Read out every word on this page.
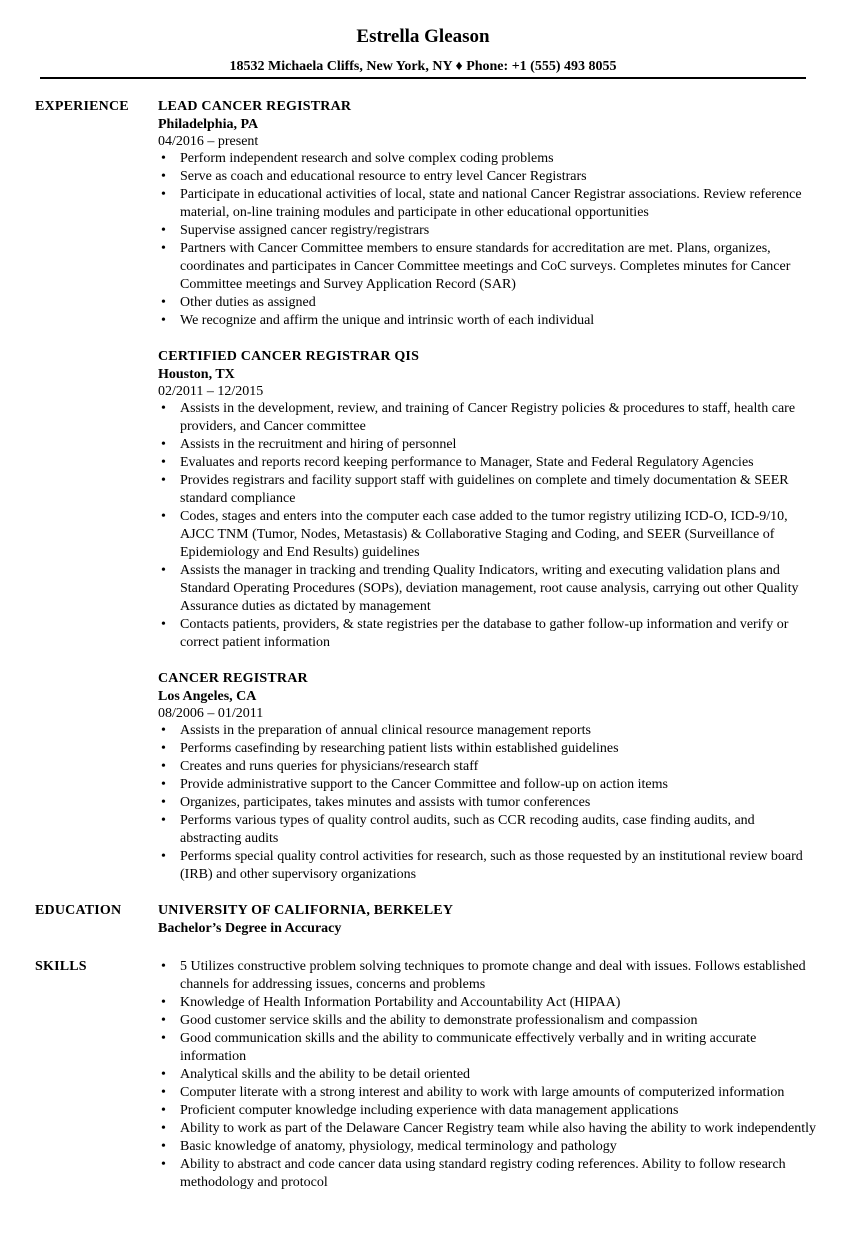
Estrella Gleason
18532 Michaela Cliffs, New York, NY ♦ Phone: +1 (555) 493 8055
EXPERIENCE	LEAD CANCER REGISTRAR
Philadelphia, PA
04/2016 – present
• Perform independent research and solve complex coding problems
• Serve as coach and educational resource to entry level Cancer Registrars
• Participate in educational activities of local, state and national Cancer Registrar associations. Review reference material, on-line training modules and participate in other educational opportunities
• Supervise assigned cancer registry/registrars
• Partners with Cancer Committee members to ensure standards for accreditation are met. Plans, organizes, coordinates and participates in Cancer Committee meetings and CoC surveys. Completes minutes for Cancer Committee meetings and Survey Application Record (SAR)
• Other duties as assigned
• We recognize and affirm the unique and intrinsic worth of each individual
CERTIFIED CANCER REGISTRAR QIS
Houston, TX
02/2011 – 12/2015
• Assists in the development, review, and training of Cancer Registry policies & procedures to staff, health care providers, and Cancer committee
• Assists in the recruitment and hiring of personnel
• Evaluates and reports record keeping performance to Manager, State and Federal Regulatory Agencies
• Provides registrars and facility support staff with guidelines on complete and timely documentation & SEER standard compliance
• Codes, stages and enters into the computer each case added to the tumor registry utilizing ICD-O, ICD-9/10, AJCC TNM (Tumor, Nodes, Metastasis) & Collaborative Staging and Coding, and SEER (Surveillance of Epidemiology and End Results) guidelines
• Assists the manager in tracking and trending Quality Indicators, writing and executing validation plans and Standard Operating Procedures (SOPs), deviation management, root cause analysis, carrying out other Quality Assurance duties as dictated by management
• Contacts patients, providers, & state registries per the database to gather follow-up information and verify or correct patient information
CANCER REGISTRAR
Los Angeles, CA
08/2006 – 01/2011
• Assists in the preparation of annual clinical resource management reports
• Performs casefinding by researching patient lists within established guidelines
• Creates and runs queries for physicians/research staff
• Provide administrative support to the Cancer Committee and follow-up on action items
• Organizes, participates, takes minutes and assists with tumor conferences
• Performs various types of quality control audits, such as CCR recoding audits, case finding audits, and abstracting audits
• Performs special quality control activities for research, such as those requested by an institutional review board (IRB) and other supervisory organizations
EDUCATION	UNIVERSITY OF CALIFORNIA, BERKELEY
Bachelor’s Degree in Accuracy
SKILLS
•	5 Utilizes constructive problem solving techniques to promote change and deal with issues. Follows established channels for addressing issues, concerns and problems
• Knowledge of Health Information Portability and Accountability Act (HIPAA)
• Good customer service skills and the ability to demonstrate professionalism and compassion
• Good communication skills and the ability to communicate effectively verbally and in writing accurate information
• Analytical skills and the ability to be detail oriented
• Computer literate with a strong interest and ability to work with large amounts of computerized information
• Proficient computer knowledge including experience with data management applications
• Ability to work as part of the Delaware Cancer Registry team while also having the ability to work independently
• Basic knowledge of anatomy, physiology, medical terminology and pathology
• Ability to abstract and code cancer data using standard registry coding references. Ability to follow research methodology and protocol
